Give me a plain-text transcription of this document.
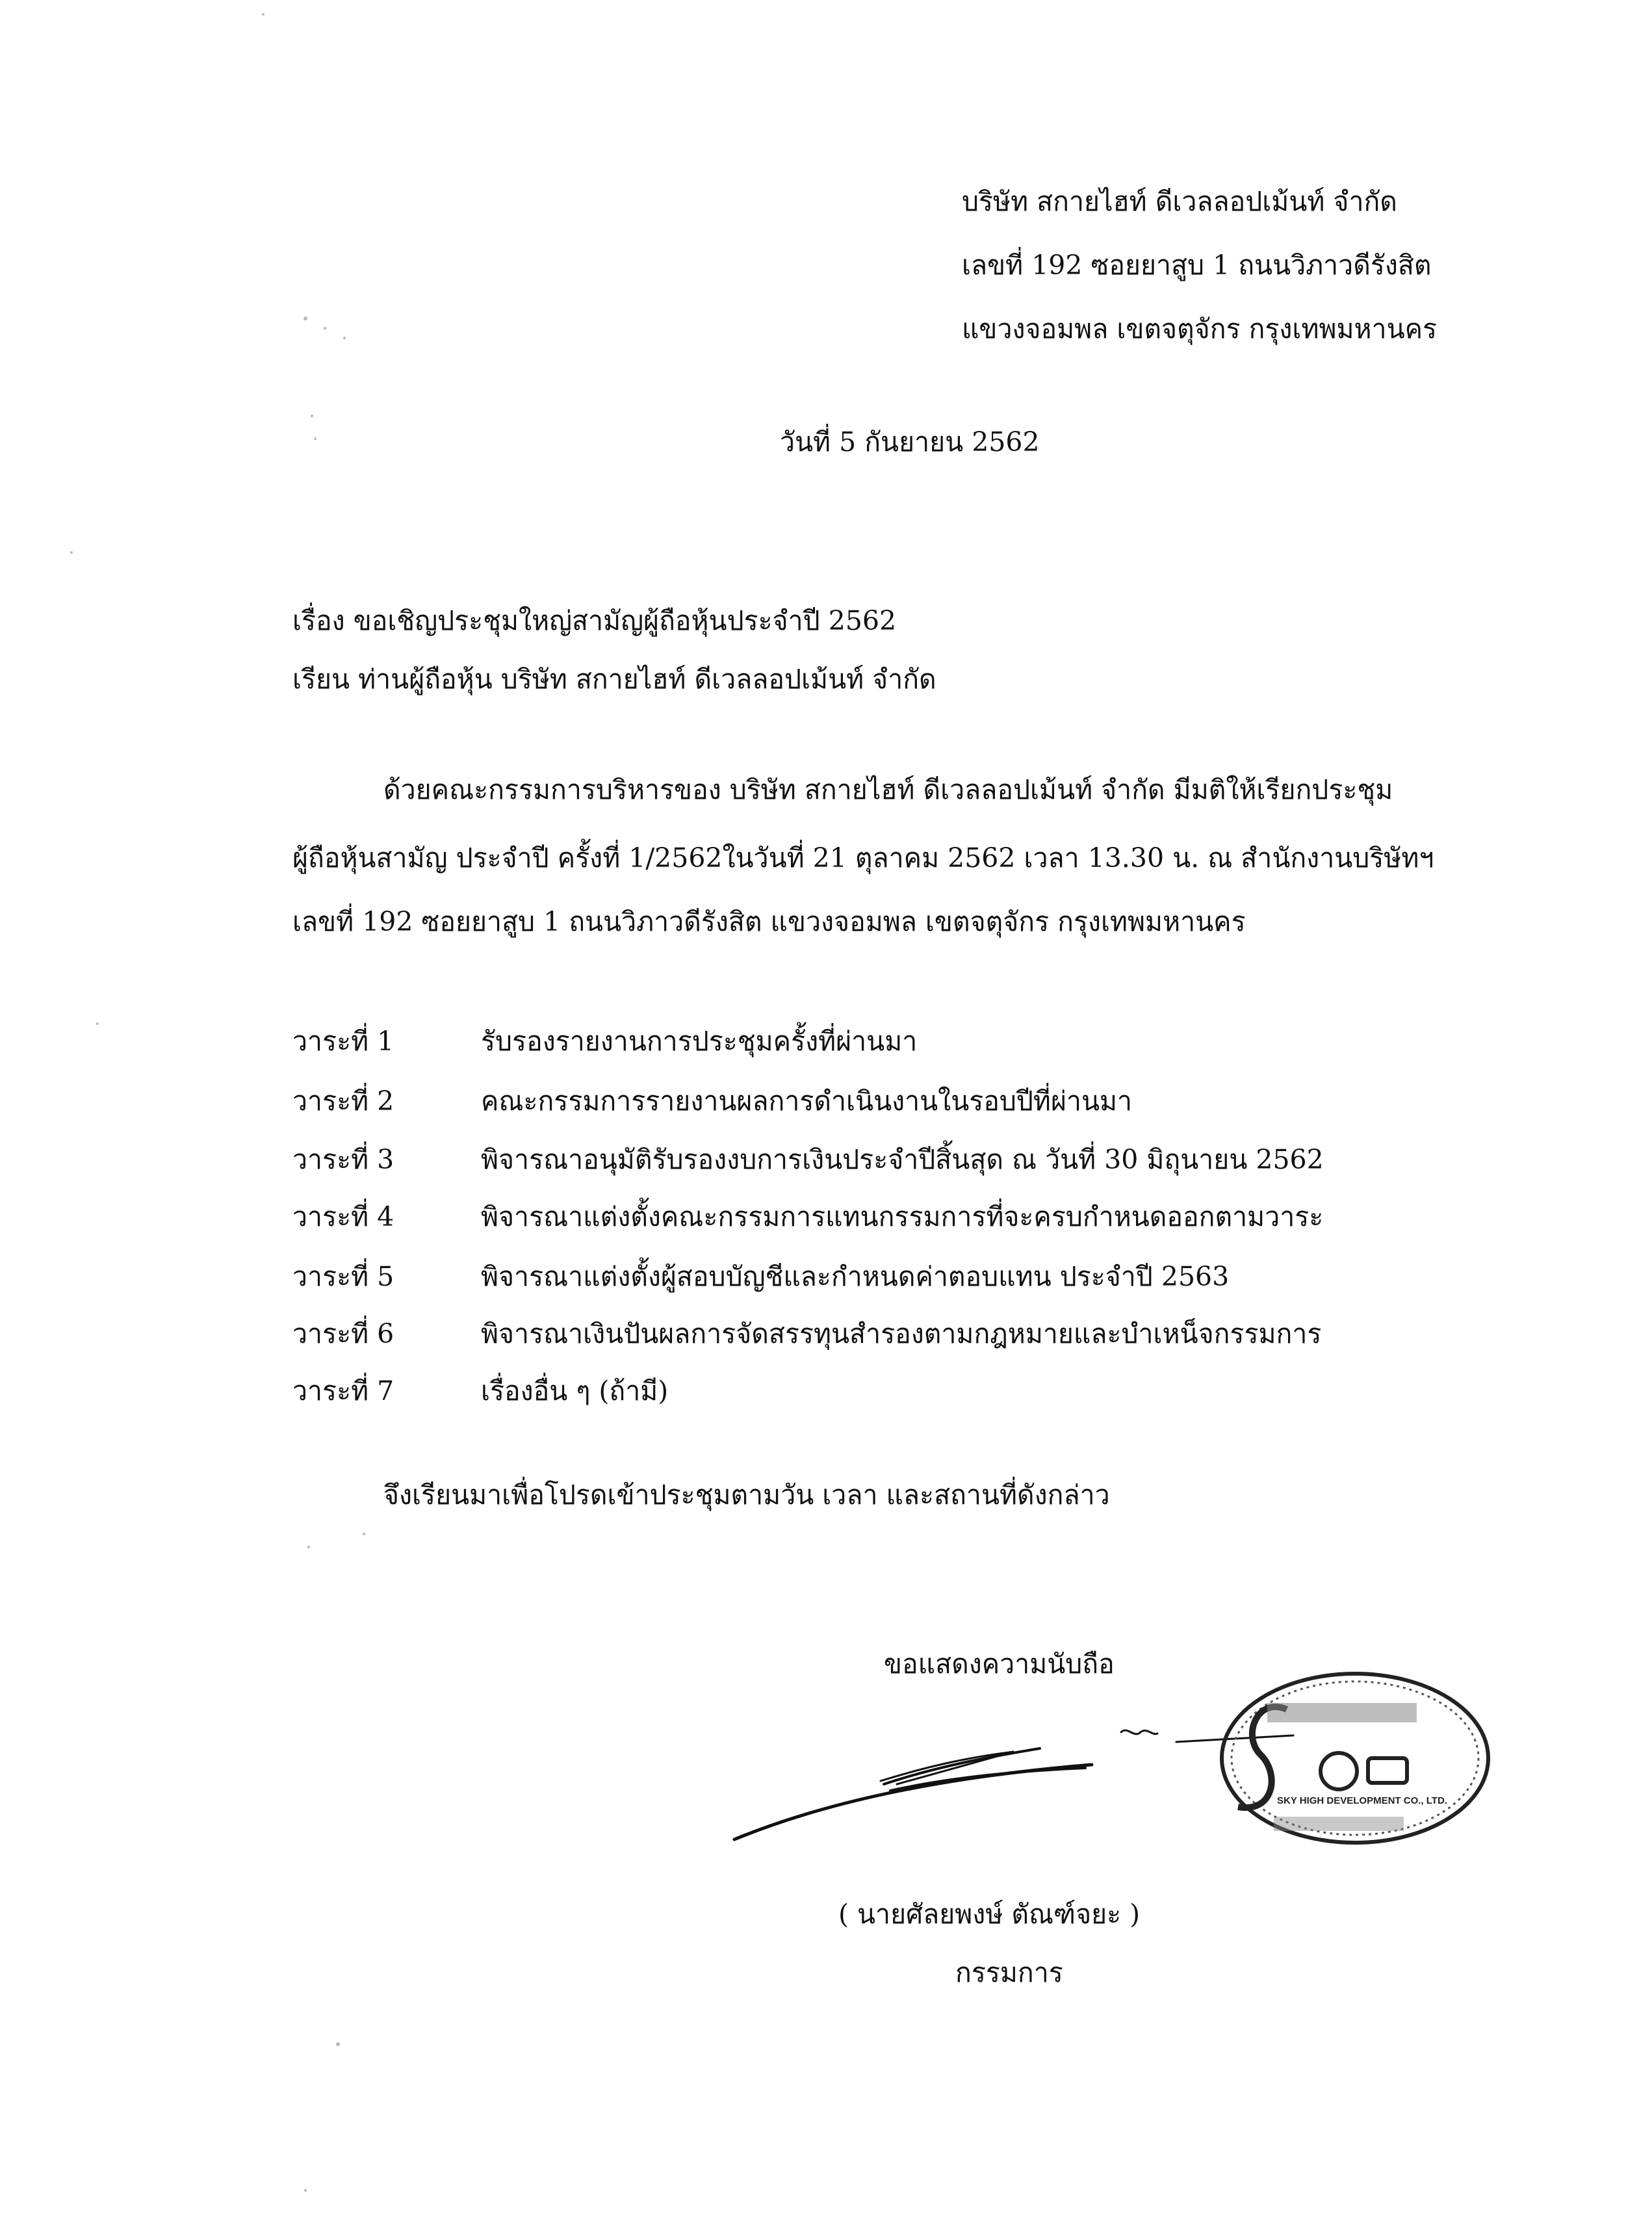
บริษัท สกายไฮท์ ดีเวลลอปเม้นท์ จำกัด
เลขที่ 192 ซอยยาสูบ 1 ถนนวิภาวดีรังสิต
แขวงจอมพล เขตจตุจักร กรุงเทพมหานคร
วันที่ 5 กันยายน 2562
เรื่อง ขอเชิญประชุมใหญ่สามัญผู้ถือหุ้นประจำปี 2562
เรียน ท่านผู้ถือหุ้น บริษัท สกายไฮท์ ดีเวลลอปเม้นท์ จำกัด
ด้วยคณะกรรมการบริหารของ บริษัท สกายไฮท์ ดีเวลลอปเม้นท์ จำกัด มีมติให้เรียกประชุม
ผู้ถือหุ้นสามัญ ประจำปี ครั้งที่ 1/2562ในวันที่ 21 ตุลาคม 2562 เวลา 13.30 น. ณ สำนักงานบริษัทฯ
เลขที่ 192 ซอยยาสูบ 1 ถนนวิภาวดีรังสิต แขวงจอมพล เขตจตุจักร กรุงเทพมหานคร
วาระที่ 1	รับรองรายงานการประชุมครั้งที่ผ่านมา
วาระที่ 2	คณะกรรมการรายงานผลการดำเนินงานในรอบปีที่ผ่านมา
วาระที่ 3	พิจารณาอนุมัติรับรองงบการเงินประจำปีสิ้นสุด ณ วันที่ 30 มิถุนายน 2562
วาระที่ 4	พิจารณาแต่งตั้งคณะกรรมการแทนกรรมการที่จะครบกำหนดออกตามวาระ
วาระที่ 5	พิจารณาแต่งตั้งผู้สอบบัญชีและกำหนดค่าตอบแทน ประจำปี 2563
วาระที่ 6	พิจารณาเงินปันผลการจัดสรรทุนสำรองตามกฎหมายและบำเหน็จกรรมการ
วาระที่ 7	เรื่องอื่น ๆ (ถ้ามี)
จึงเรียนมาเพื่อโปรดเข้าประชุมตามวัน เวลา และสถานที่ดังกล่าว
ขอแสดงความนับถือ
SKY HIGH DEVELOPMENT CO., LTD.
( นายศัลยพงษ์ ตัณฑ์จยะ )
กรรมการ
